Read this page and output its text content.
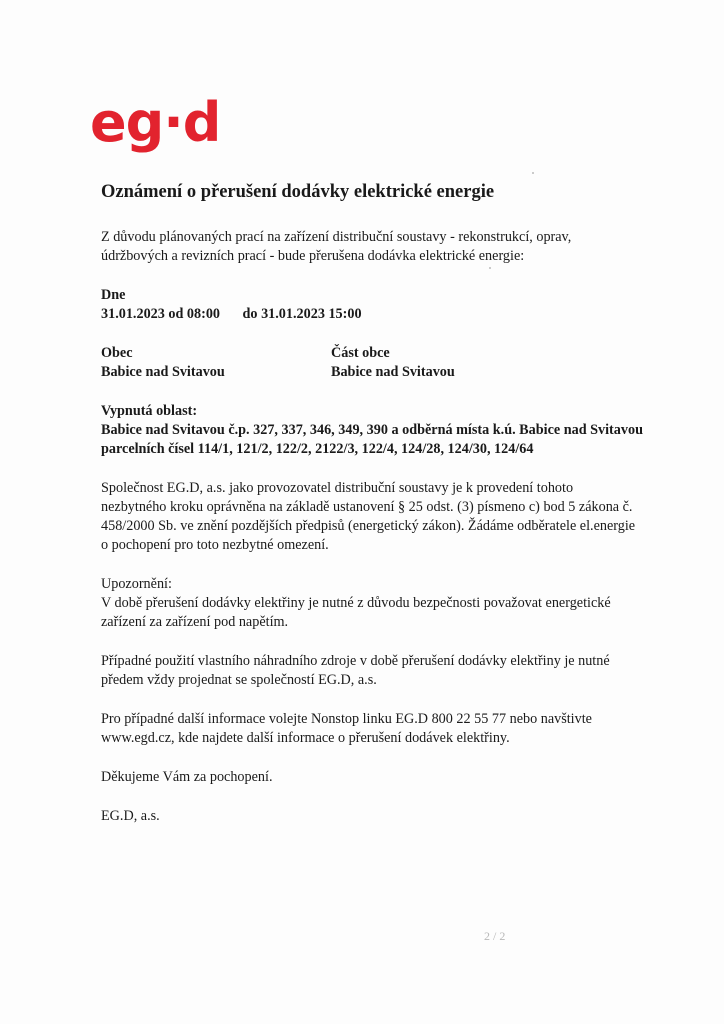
eg·d
Oznámení o přerušení dodávky elektrické energie
Z důvodu plánovaných prací na zařízení distribuční soustavy - rekonstrukcí, oprav,
údržbových a revizních prací - bude přerušena dodávka elektrické energie:
Dne
31.01.2023 od 08:00 do 31.01.2023 15:00
Obec
Babice nad Svitavou
Část obce
Babice nad Svitavou
Vypnutá oblast:
Babice nad Svitavou č.p. 327, 337, 346, 349, 390 a odběrná místa k.ú. Babice nad Svitavou
parcelních čísel 114/1, 121/2, 122/2, 2122/3, 122/4, 124/28, 124/30, 124/64
Společnost EG.D, a.s. jako provozovatel distribuční soustavy je k provedení tohoto
nezbytného kroku oprávněna na základě ustanovení § 25 odst. (3) písmeno c) bod 5 zákona č.
458/2000 Sb. ve znění pozdějších předpisů (energetický zákon). Žádáme odběratele el.energie
o pochopení pro toto nezbytné omezení.
Upozornění:
V době přerušení dodávky elektřiny je nutné z důvodu bezpečnosti považovat energetické
zařízení za zařízení pod napětím.
Případné použití vlastního náhradního zdroje v době přerušení dodávky elektřiny je nutné
předem vždy projednat se společností EG.D, a.s.
Pro případné další informace volejte Nonstop linku EG.D 800 22 55 77 nebo navštivte
www.egd.cz, kde najdete další informace o přerušení dodávek elektřiny.
Děkujeme Vám za pochopení.
EG.D, a.s.
2 / 2
